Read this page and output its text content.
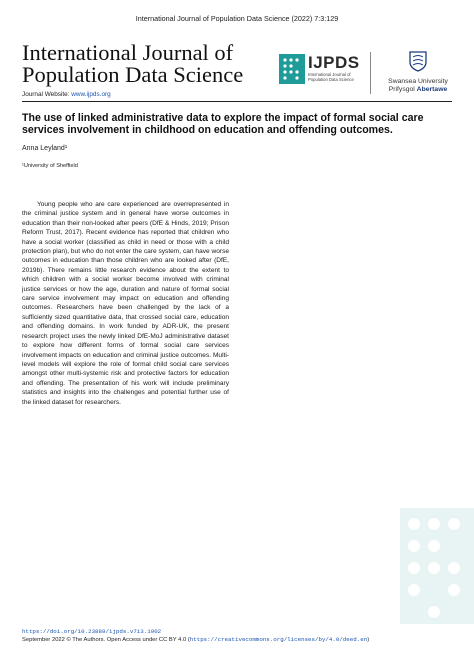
International Journal of Population Data Science (2022) 7:3:129
International Journal of
Population Data Science
Journal Website: www.ijpds.org
IJPDS
International Journal of
Population Data Science	Swansea University
Prifysgol Abertawe
The use of linked administrative data to explore the impact of formal social care services involvement in childhood on education and offending outcomes.
Anna Leyland¹
¹University of Sheffield

Young people who are care experienced are overrepresented in the criminal justice system and in general have worse outcomes in education than their non-looked after peers (DfE & Hinds, 2019; Prison Reform Trust, 2017). Recent evidence has reported that children who have a social worker (classified as child in need or those with a child protection plan), but who do not enter the care system, can have worse outcomes in education than those children who are looked after (DfE, 2019b). There remains little research evidence about the extent to which children with a social worker become involved with criminal justice services or how the age, duration and nature of formal social care service involvement may impact on education and offending outcomes. Researchers have been challenged by the lack of a sufficiently sized quantitative data, that crossed social care, education and offending domains. In work funded by ADR-UK, the present research project uses the newly linked DfE-MoJ administrative dataset to explore how different forms of formal social care services involvement impacts on education and criminal justice outcomes. Multi-level models will explore the role of formal child social care services amongst other multi-systemic risk and protective factors for education and offending. The presentation of his work will include preliminary statistics and insights into the challenges and potential further use of the linked dataset for researchers.

https://doi.org/10.23889/ijpds.v7i3.1902
September 2022 © The Authors. Open Access under CC BY 4.0 (https://creativecommons.org/licenses/by/4.0/deed.en)
